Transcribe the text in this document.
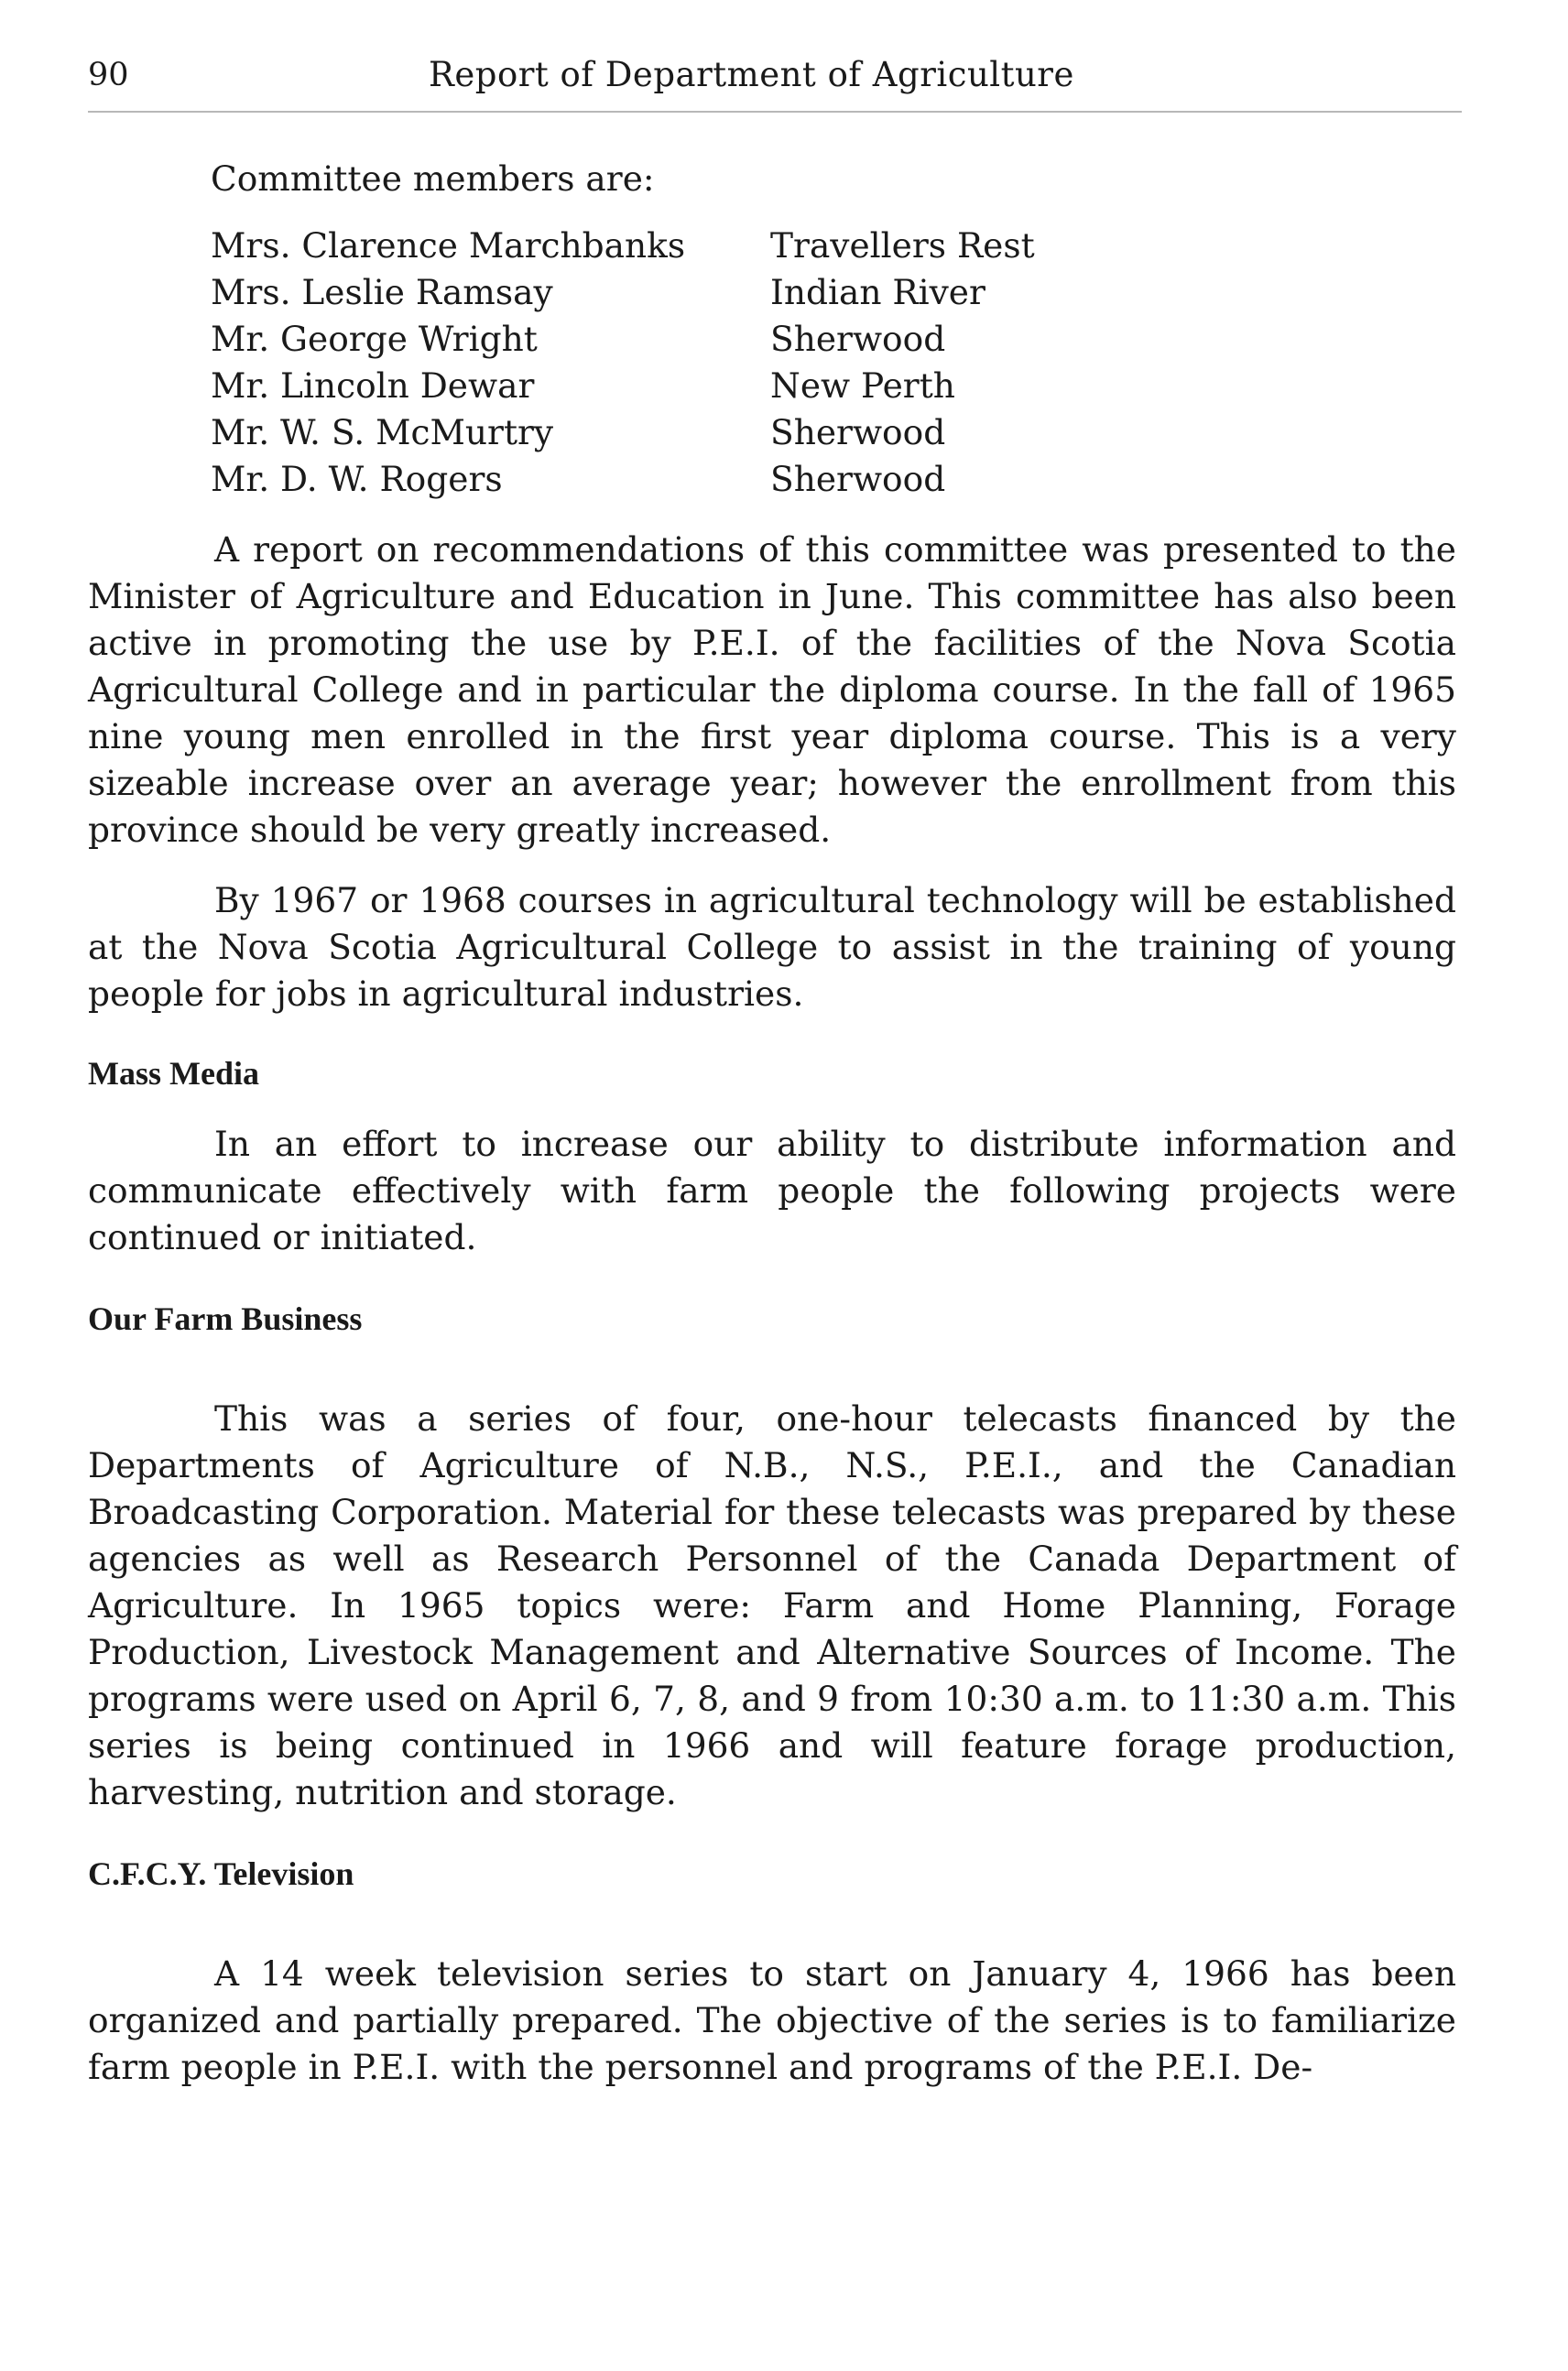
90	Report of Department of Agriculture
Committee members are:
Mrs. Clarence Marchbanks	Travellers Rest
Mrs. Leslie Ramsay	Indian River
Mr. George Wright	Sherwood
Mr. Lincoln Dewar	New Perth
Mr. W. S. McMurtry	Sherwood
Mr. D. W. Rogers	Sherwood

A report on recommendations of this committee was presented to the Minister of Agriculture and Education in June. This committee has also been active in promoting the use by P.E.I. of the facilities of the Nova Scotia Agricultural College and in particular the diploma course. In the fall of 1965 nine young men enrolled in the first year diploma course. This is a very sizeable increase over an average year; however the enrollment from this province should be very greatly increased.

By 1967 or 1968 courses in agricultural technology will be established at the Nova Scotia Agricultural College to assist in the training of young people for jobs in agricultural industries.

Mass Media

In an effort to increase our ability to distribute information and communicate effectively with farm people the following projects were continued or initiated.

Our Farm Business

This was a series of four, one-hour telecasts financed by the Departments of Agriculture of N.B., N.S., P.E.I., and the Canadian Broadcasting Corporation. Material for these telecasts was prepared by these agencies as well as Research Personnel of the Canada Department of Agriculture. In 1965 topics were: Farm and Home Planning, Forage Production, Livestock Management and Alternative Sources of Income. The programs were used on April 6, 7, 8, and 9 from 10:30 a.m. to 11:30 a.m. This series is being continued in 1966 and will feature forage production, harvesting, nutrition and storage.

C.F.C.Y. Television

A 14 week television series to start on January 4, 1966 has been organized and partially prepared. The objective of the series is to familiarize farm people in P.E.I. with the personnel and programs of the P.E.I. De-
